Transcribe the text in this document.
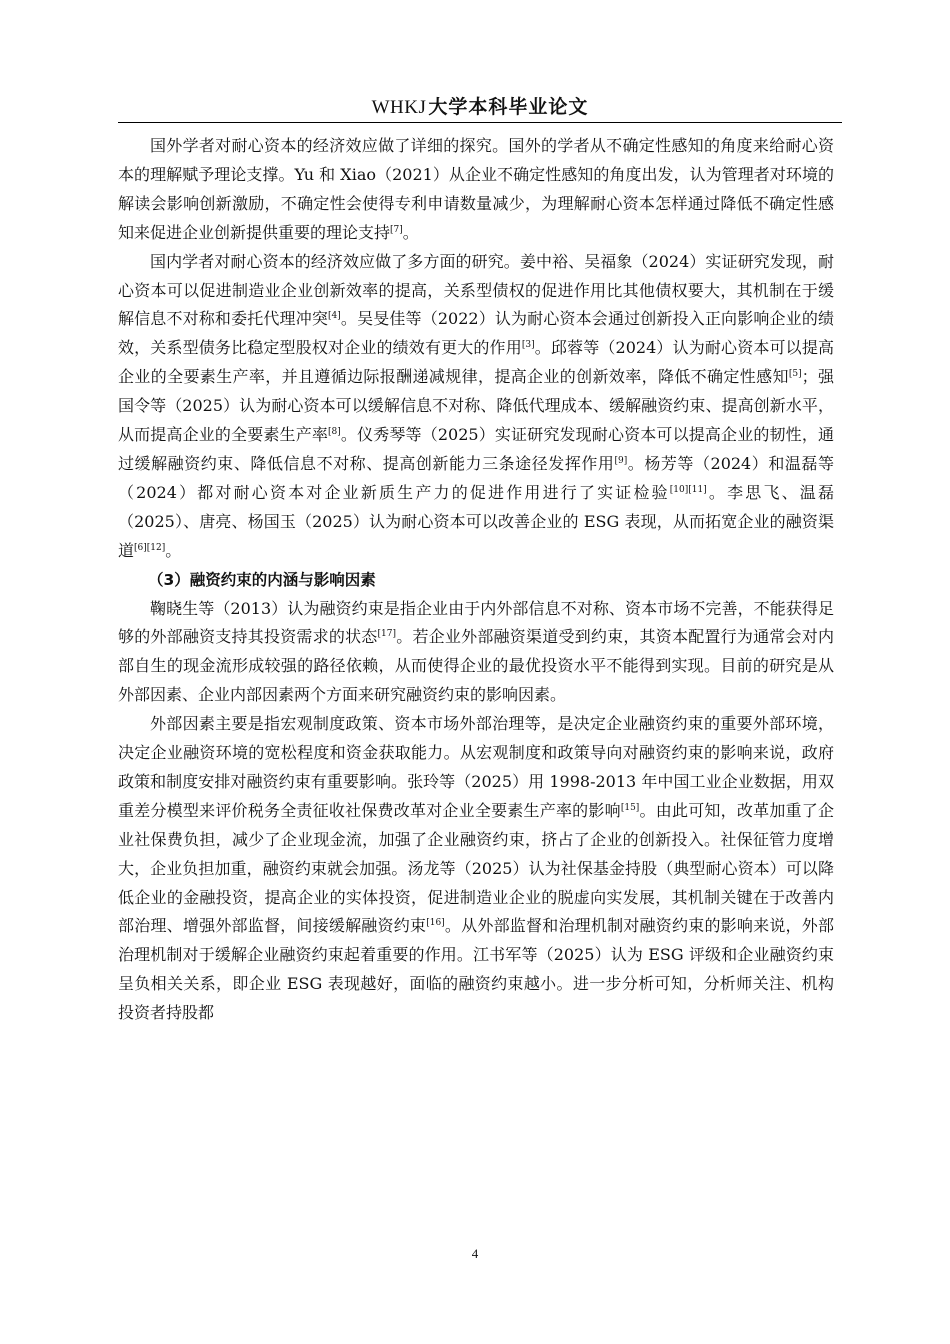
WHKJ 大学本科毕业论文

国外学者对耐心资本的经济效应做了详细的探究。国外的学者从不确定性感知的角度来给耐心资本的理解赋予理论支撑。Yu 和 Xiao（2021）从企业不确定性感知的角度出发，认为管理者对环境的解读会影响创新激励，不确定性会使得专利申请数量减少，为理解耐心资本怎样通过降低不确定性感知来促进企业创新提供重要的理论支持[7]。

国内学者对耐心资本的经济效应做了多方面的研究。姜中裕、吴福象（2024）实证研究发现，耐心资本可以促进制造业企业创新效率的提高，关系型债权的促进作用比其他债权要大，其机制在于缓解信息不对称和委托代理冲突[4]。吴旻佳等（2022）认为耐心资本会通过创新投入正向影响企业的绩效，关系型债务比稳定型股权对企业的绩效有更大的作用[3]。邱蓉等（2024）认为耐心资本可以提高企业的全要素生产率，并且遵循边际报酬递减规律，提高企业的创新效率，降低不确定性感知[5]；强国令等（2025）认为耐心资本可以缓解信息不对称、降低代理成本、缓解融资约束、提高创新水平，从而提高企业的全要素生产率[8]。仪秀琴等（2025）实证研究发现耐心资本可以提高企业的韧性，通过缓解融资约束、降低信息不对称、提高创新能力三条途径发挥作用[9]。杨芳等（2024）和温磊等（2024）都对耐心资本对企业新质生产力的促进作用进行了实证检验[10][11]。李思飞、温磊（2025）、唐亮、杨国玉（2025）认为耐心资本可以改善企业的 ESG 表现，从而拓宽企业的融资渠道[6][12]。

（3）融资约束的内涵与影响因素

鞠晓生等（2013）认为融资约束是指企业由于内外部信息不对称、资本市场不完善，不能获得足够的外部融资支持其投资需求的状态[17]。若企业外部融资渠道受到约束，其资本配置行为通常会对内部自生的现金流形成较强的路径依赖，从而使得企业的最优投资水平不能得到实现。目前的研究是从外部因素、企业内部因素两个方面来研究融资约束的影响因素。

外部因素主要是指宏观制度政策、资本市场外部治理等，是决定企业融资约束的重要外部环境，决定企业融资环境的宽松程度和资金获取能力。从宏观制度和政策导向对融资约束的影响来说，政府政策和制度安排对融资约束有重要影响。张玲等（2025）用 1998-2013 年中国工业企业数据，用双重差分模型来评价税务全责征收社保费改革对企业全要素生产率的影响[15]。由此可知，改革加重了企业社保费负担，减少了企业现金流，加强了企业融资约束，挤占了企业的创新投入。社保征管力度增大，企业负担加重，融资约束就会加强。汤龙等（2025）认为社保基金持股（典型耐心资本）可以降低企业的金融投资，提高企业的实体投资，促进制造业企业的脱虚向实发展，其机制关键在于改善内部治理、增强外部监督，间接缓解融资约束[16]。从外部监督和治理机制对融资约束的影响来说，外部治理机制对于缓解企业融资约束起着重要的作用。江书军等（2025）认为 ESG 评级和企业融资约束呈负相关关系，即企业 ESG 表现越好，面临的融资约束越小。进一步分析可知，分析师关注、机构投资者持股都

4
